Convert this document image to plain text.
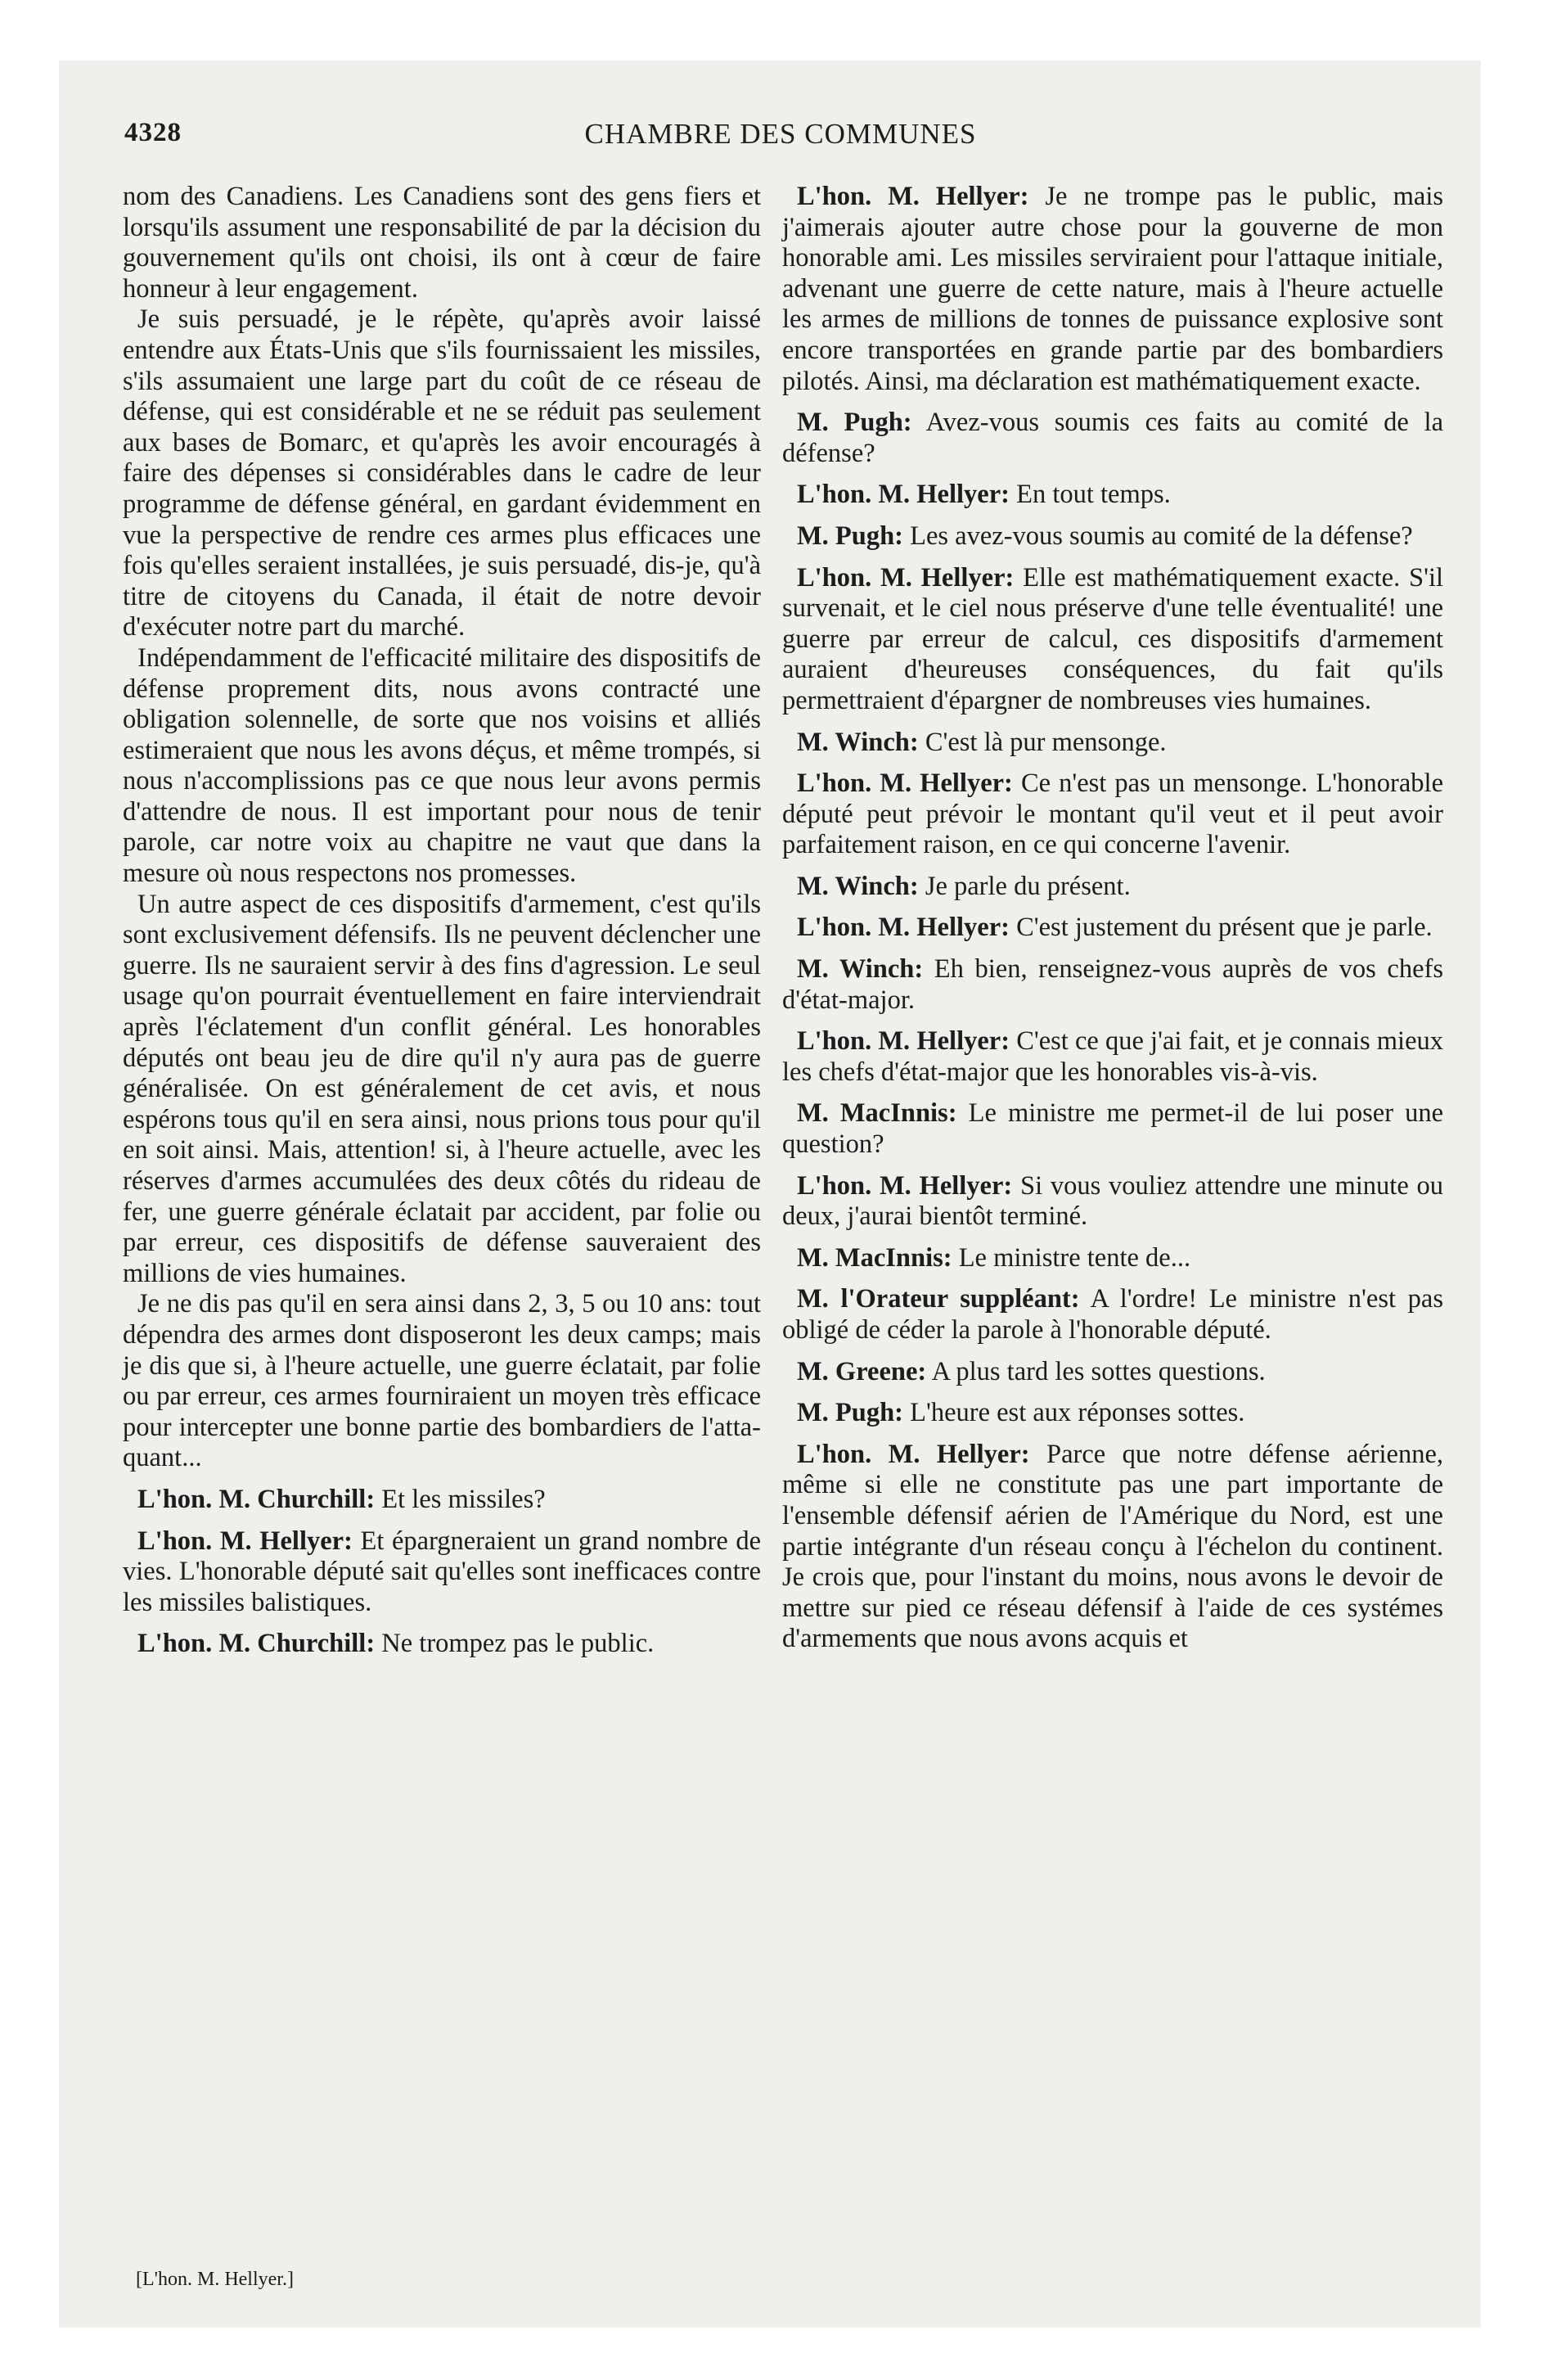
4328	CHAMBRE DES COMMUNES

nom des Canadiens. Les Canadiens sont des gens fiers et lorsqu'ils assument une responsabilité de par la décision du gouvernement qu'ils ont choisi, ils ont à cœur de faire honneur à leur engagement.

Je suis persuadé, je le répète, qu'après avoir laissé entendre aux États-Unis que s'ils fournissaient les missiles, s'ils assumaient une large part du coût de ce réseau de défense, qui est considérable et ne se réduit pas seulement aux bases de Bomarc, et qu'après les avoir encouragés à faire des dépenses si considérables dans le cadre de leur programme de défense général, en gardant évidemment en vue la perspective de rendre ces armes plus efficaces une fois qu'elles seraient installées, je suis persuadé, dis-je, qu'à titre de citoyens du Canada, il était de notre devoir d'exécuter notre part du marché.

Indépendamment de l'efficacité militaire des dispositifs de défense proprement dits, nous avons contracté une obligation solennelle, de sorte que nos voisins et alliés estimeraient que nous les avons déçus, et même trompés, si nous n'accomplissions pas ce que nous leur avons permis d'attendre de nous. Il est important pour nous de tenir parole, car notre voix au chapitre ne vaut que dans la mesure où nous respectons nos promesses.

Un autre aspect de ces dispositifs d'armement, c'est qu'ils sont exclusivement défensifs. Ils ne peuvent déclencher une guerre. Ils ne sauraient servir à des fins d'agression. Le seul usage qu'on pourrait éventuellement en faire interviendrait après l'éclatement d'un conflit général. Les honorables députés ont beau jeu de dire qu'il n'y aura pas de guerre généralisée. On est généralement de cet avis, et nous espérons tous qu'il en sera ainsi, nous prions tous pour qu'il en soit ainsi. Mais, attention! si, à l'heure actuelle, avec les réserves d'armes accumulées des deux côtés du rideau de fer, une guerre générale éclatait par accident, par folie ou par erreur, ces dispositifs de défense sauveraient des millions de vies humaines.

Je ne dis pas qu'il en sera ainsi dans 2, 3, 5 ou 10 ans: tout dépendra des armes dont disposeront les deux camps; mais je dis que si, à l'heure actuelle, une guerre éclatait, par folie ou par erreur, ces armes fourniraient un moyen très efficace pour intercepter une bonne partie des bombardiers de l'attaquant...

L'hon. M. Churchill: Et les missiles?

L'hon. M. Hellyer: Et épargneraient un grand nombre de vies. L'honorable député sait qu'elles sont inefficaces contre les missiles balistiques.

L'hon. M. Churchill: Ne trompez pas le public.

L'hon. M. Hellyer: Je ne trompe pas le public, mais j'aimerais ajouter autre chose pour la gouverne de mon honorable ami. Les missiles serviraient pour l'attaque initiale, advenant une guerre de cette nature, mais à l'heure actuelle les armes de millions de tonnes de puissance explosive sont encore transportées en grande partie par des bombardiers pilotés. Ainsi, ma déclaration est mathématiquement exacte.

M. Pugh: Avez-vous soumis ces faits au comité de la défense?

L'hon. M. Hellyer: En tout temps.

M. Pugh: Les avez-vous soumis au comité de la défense?

L'hon. M. Hellyer: Elle est mathématiquement exacte. S'il survenait, et le ciel nous préserve d'une telle éventualité! une guerre par erreur de calcul, ces dispositifs d'armement auraient d'heureuses conséquences, du fait qu'ils permettraient d'épargner de nombreuses vies humaines.

M. Winch: C'est là pur mensonge.

L'hon. M. Hellyer: Ce n'est pas un mensonge. L'honorable député peut prévoir le montant qu'il veut et il peut avoir parfaitement raison, en ce qui concerne l'avenir.

M. Winch: Je parle du présent.

L'hon. M. Hellyer: C'est justement du présent que je parle.

M. Winch: Eh bien, renseignez-vous auprès de vos chefs d'état-major.

L'hon. M. Hellyer: C'est ce que j'ai fait, et je connais mieux les chefs d'état-major que les honorables vis-à-vis.

M. MacInnis: Le ministre me permet-il de lui poser une question?

L'hon. M. Hellyer: Si vous vouliez attendre une minute ou deux, j'aurai bientôt terminé.

M. MacInnis: Le ministre tente de...

M. l'Orateur suppléant: A l'ordre! Le ministre n'est pas obligé de céder la parole à l'honorable député.

M. Greene: A plus tard les sottes questions.

M. Pugh: L'heure est aux réponses sottes.

L'hon. M. Hellyer: Parce que notre défense aérienne, même si elle ne constitute pas une part importante de l'ensemble défensif aérien de l'Amérique du Nord, est une partie intégrante d'un réseau conçu à l'échelon du continent. Je crois que, pour l'instant du moins, nous avons le devoir de mettre sur pied ce réseau défensif à l'aide de ces systémes d'armements que nous avons acquis et

[L'hon. M. Hellyer.]
